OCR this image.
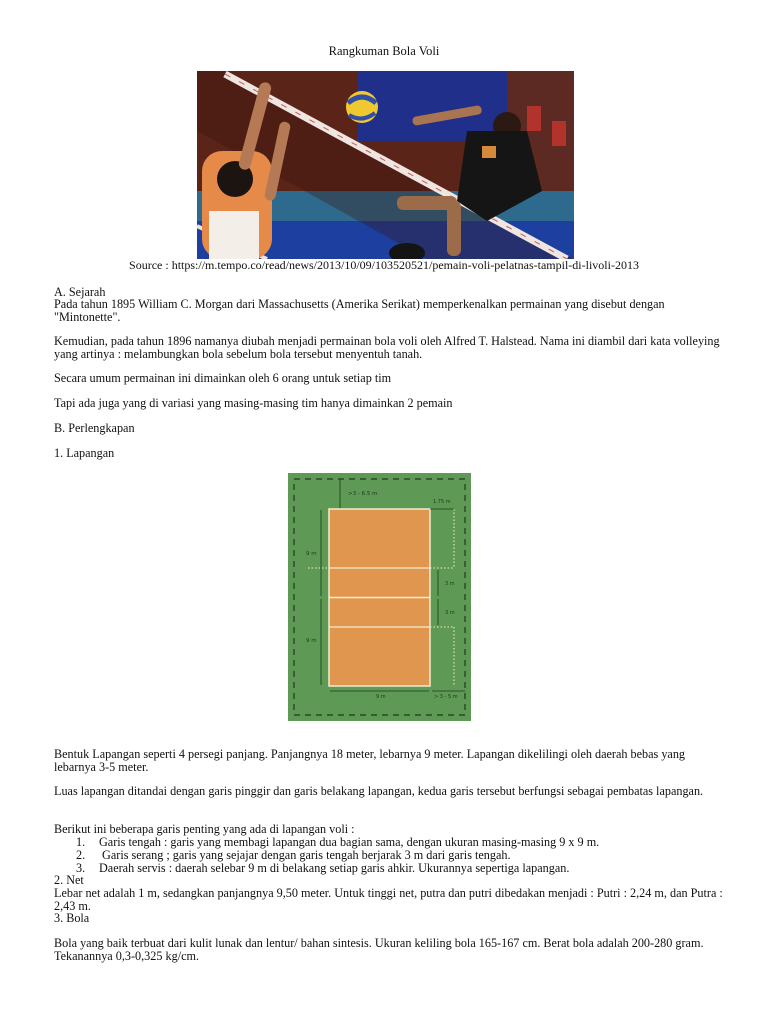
Rangkuman Bola Voli
Source : https://m.tempo.co/read/news/2013/10/09/103520521/pemain-voli-pelatnas-tampil-di-livoli-2013
A. Sejarah
Pada tahun 1895 William C. Morgan dari Massachusetts (Amerika Serikat) memperkenalkan permainan yang disebut dengan "Mintonette".
Kemudian, pada tahun 1896 namanya diubah menjadi permainan bola voli oleh Alfred T. Halstead. Nama ini diambil dari kata volleying yang artinya : melambungkan bola sebelum bola tersebut menyentuh tanah.
Secara umum permainan ini dimainkan oleh 6 orang untuk setiap tim
Tapi ada juga yang di variasi yang masing-masing tim hanya dimainkan 2 pemain
B. Perlengkapan
1. Lapangan
>3 - 6.5 m
1.75 m
9 m
9 m
3 m
3 m
9 m	> 3 - 5 m
Bentuk Lapangan seperti 4 persegi panjang. Panjangnya 18 meter, lebarnya 9 meter. Lapangan dikelilingi oleh daerah bebas yang lebarnya 3-5 meter.
Luas lapangan ditandai dengan garis pinggir dan garis belakang lapangan, kedua garis tersebut berfungsi sebagai pembatas lapangan.
Berikut ini beberapa garis penting yang ada di lapangan voli :
1.	Garis tengah : garis yang membagi lapangan dua bagian sama, dengan ukuran masing-masing 9 x 9 m.
2.	Garis serang ; garis yang sejajar dengan garis tengah berjarak 3 m dari garis tengah.
3.	Daerah servis : daerah selebar 9 m di belakang setiap garis ahkir. Ukurannya sepertiga lapangan.
2. Net
Lebar net adalah 1 m, sedangkan panjangnya 9,50 meter. Untuk tinggi net, putra dan putri dibedakan menjadi : Putri : 2,24 m, dan Putra : 2,43 m.
3. Bola
Bola yang baik terbuat dari kulit lunak dan lentur/ bahan sintesis. Ukuran keliling bola 165-167 cm. Berat bola adalah 200-280 gram. Tekanannya 0,3-0,325 kg/cm.
